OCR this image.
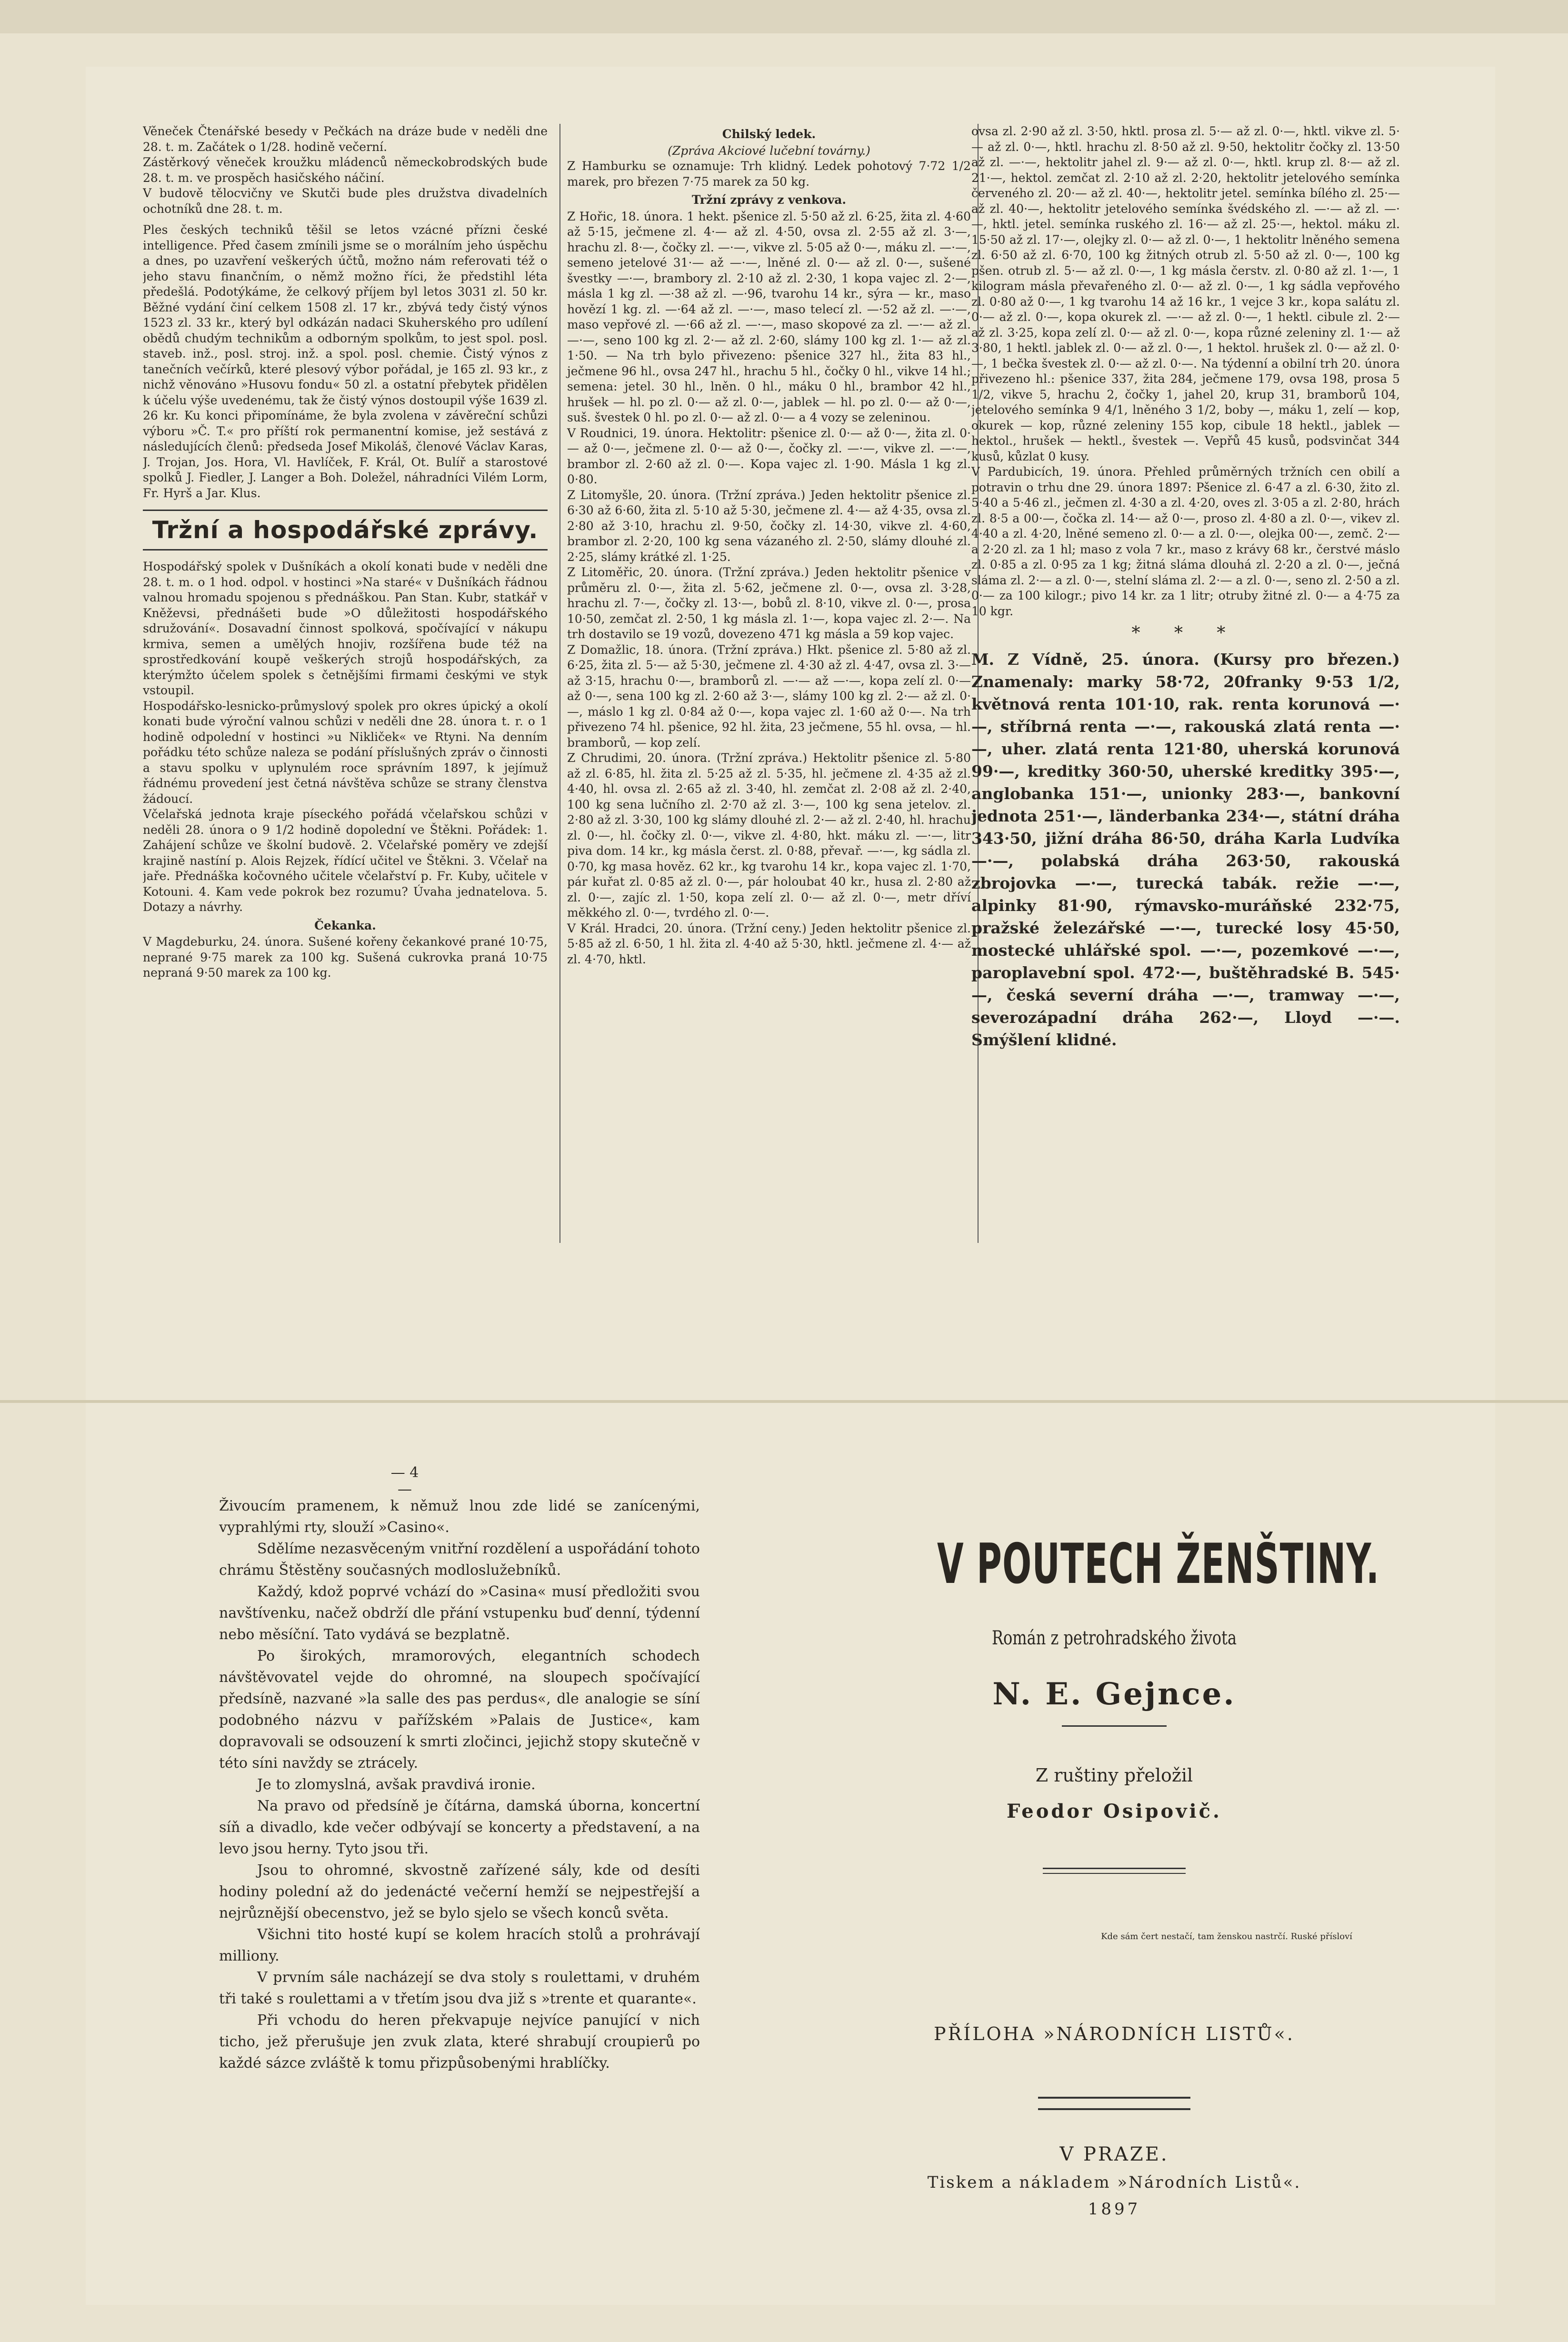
Věneček Čtenářské besedy v Pečkách na dráze bude v neděli dne 28. t. m. Začátek o 1/28. hodině večerní.

Zástěrkový věneček kroužku mládenců německobrodských bude 28. t. m. ve prospěch hasičského náčiní.

V budově tělocvičny ve Skutči bude ples družstva divadelních ochotníků dne 28. t. m.

Ples českých techniků těšil se letos vzácné přízni české intelligence. Před časem zmínili jsme se o morálním jeho úspěchu a dnes, po uzavření veškerých účtů, možno nám referovati též o jeho stavu finančním, o němž možno říci, že předstihl léta předešlá. Podotýkáme, že celkový příjem byl letos 3031 zl. 50 kr. Běžné vydání činí celkem 1508 zl. 17 kr., zbývá tedy čistý výnos 1523 zl. 33 kr., který byl odkázán nadaci Skuherského pro udílení obědů chudým technikům a odborným spolkům, to jest spol. posl. staveb. inž., posl. stroj. inž. a spol. posl. chemie. Čistý výnos z tanečních večírků, které plesový výbor pořádal, je 165 zl. 93 kr., z nichž věnováno »Husovu fondu« 50 zl. a ostatní přebytek přidělen k účelu výše uvedenému, tak že čistý výnos dostoupil výše 1639 zl. 26 kr. Ku konci připomínáme, že byla zvolena v závěreční schůzi výboru »Č. T.« pro příští rok permanentní komise, jež sestává z následujících členů: předseda Josef Mikoláš, členové Václav Karas, J. Trojan, Jos. Hora, Vl. Havlíček, F. Král, Ot. Bulíř a starostové spolků J. Fiedler, J. Langer a Boh. Doležel, náhradníci Vilém Lorm, Fr. Hyrš a Jar. Klus.

Tržní a hospodářské zprávy.

Hospodářský spolek v Dušníkách a okolí konati bude v neděli dne 28. t. m. o 1 hod. odpol. v hostinci »Na staré« v Dušníkách řádnou valnou hromadu spojenou s přednáškou. Pan Stan. Kubr, statkář v Kněževsi, přednášeti bude »O důležitosti hospodářského sdružování«. Dosavadní činnost spolková, spočívající v nákupu krmiva, semen a umělých hnojiv, rozšířena bude též na sprostředkování koupě veškerých strojů hospodářských, za kterýmžto účelem spolek s četnějšími firmami českými ve styk vstoupil.

Hospodářsko-lesnicko-průmyslový spolek pro okres úpický a okolí konati bude výroční valnou schůzi v neděli dne 28. února t. r. o 1 hodině odpolední v hostinci »u Nikliček« ve Rtyni. Na denním pořádku této schůze naleza se podání příslušných zpráv o činnosti a stavu spolku v uplynulém roce správním 1897, k jejímuž řádnému provedení jest četná návštěva schůze se strany členstva žádoucí.

Včelařská jednota kraje píseckého pořádá včelařskou schůzi v neděli 28. února o 9 1/2 hodině dopolední ve Štěkni. Pořádek: 1. Zahájení schůze ve školní budově. 2. Včelařské poměry ve zdejší krajině nastíní p. Alois Rejzek, řídící učitel ve Štěkni. 3. Včelař na jaře. Přednáška kočovného učitele včelařství p. Fr. Kuby, učitele v Kotouni. 4. Kam vede pokrok bez rozumu? Úvaha jednatelova. 5. Dotazy a návrhy.

Čekanka.

V Magdeburku, 24. února. Sušené kořeny čekankové prané 10·75, neprané 9·75 marek za 100 kg. Sušená cukrovka praná 10·75 nepraná 9·50 marek za 100 kg.

Chilský ledek.
(Zpráva Akciové lučební továrny.)

Z Hamburku se oznamuje: Trh klidný. Ledek pohotový 7·72 1/2 marek, pro březen 7·75 marek za 50 kg.

Tržní zprávy z venkova.

Z Hořic, 18. února. 1 hekt. pšenice zl. 5·50 až zl. 6·25, žita zl. 4·60 až 5·15, ječmene zl. 4·— až zl. 4·50, ovsa zl. 2·55 až zl. 3·—, hrachu zl. 8·—, čočky zl. —·—, vikve zl. 5·05 až 0·—, máku zl. —·—, semeno jetelové 31·— až —·—, lněné zl. 0·— až zl. 0·—, sušené švestky —·—, brambory zl. 2·10 až zl. 2·30, 1 kopa vajec zl. 2·—, másla 1 kg zl. —·38 až zl. —·96, tvarohu 14 kr., sýra — kr., maso hovězí 1 kg. zl. —·64 až zl. —·—, maso telecí zl. —·52 až zl. —·—, maso vepřové zl. —·66 až zl. —·—, maso skopové za zl. —·— až zl. —·—, seno 100 kg zl. 2·— až zl. 2·60, slámy 100 kg zl. 1·— až zl. 1·50. — Na trh bylo přivezeno: pšenice 327 hl., žita 83 hl., ječmene 96 hl., ovsa 247 hl., hrachu 5 hl., čočky 0 hl., vikve 14 hl.; semena: jetel. 30 hl., lněn. 0 hl., máku 0 hl., brambor 42 hl., hrušek — hl. po zl. 0·— až zl. 0·—, jablek — hl. po zl. 0·— až 0·—, suš. švestek 0 hl. po zl. 0·— až zl. 0·— a 4 vozy se zeleninou.

V Roudnici, 19. února. Hektolitr: pšenice zl. 0·— až 0·—, žita zl. 0·— až 0·—, ječmene zl. 0·— až 0·—, čočky zl. —·—, vikve zl. —·—, brambor zl. 2·60 až zl. 0·—. Kopa vajec zl. 1·90. Másla 1 kg zl. 0·80.

Z Litomyšle, 20. února. (Tržní zpráva.) Jeden hektolitr pšenice zl. 6·30 až 6·60, žita zl. 5·10 až 5·30, ječmene zl. 4·— až 4·35, ovsa zl. 2·80 až 3·10, hrachu zl. 9·50, čočky zl. 14·30, vikve zl. 4·60, brambor zl. 2·20, 100 kg sena vázaného zl. 2·50, slámy dlouhé zl. 2·25, slámy krátké zl. 1·25.

Z Litoměřic, 20. února. (Tržní zpráva.) Jeden hektolitr pšenice v průměru zl. 0·—, žita zl. 5·62, ječmene zl. 0·—, ovsa zl. 3·28, hrachu zl. 7·—, čočky zl. 13·—, bobů zl. 8·10, vikve zl. 0·—, prosa 10·50, zemčat zl. 2·50, 1 kg másla zl. 1·—, kopa vajec zl. 2·—. Na trh dostavilo se 19 vozů, dovezeno 471 kg másla a 59 kop vajec.

Z Domažlic, 18. února. (Tržní zpráva.) Hkt. pšenice zl. 5·80 až zl. 6·25, žita zl. 5·— až 5·30, ječmene zl. 4·30 až zl. 4·47, ovsa zl. 3·— až 3·15, hrachu 0·—, bramborů zl. —·— až —·—, kopa zelí zl. 0·— až 0·—, sena 100 kg zl. 2·60 až 3·—, slámy 100 kg zl. 2·— až zl. 0·—, máslo 1 kg zl. 0·84 až 0·—, kopa vajec zl. 1·60 až 0·—. Na trh přivezeno 74 hl. pšenice, 92 hl. žita, 23 ječmene, 55 hl. ovsa, — hl. bramborů, — kop zelí.

Z Chrudimi, 20. února. (Tržní zpráva.) Hektolitr pšenice zl. 5·80 až zl. 6·85, hl. žita zl. 5·25 až zl. 5·35, hl. ječmene zl. 4·35 až zl. 4·40, hl. ovsa zl. 2·65 až zl. 3·40, hl. zemčat zl. 2·08 až zl. 2·40, 100 kg sena lučního zl. 2·70 až zl. 3·—, 100 kg sena jetelov. zl. 2·80 až zl. 3·30, 100 kg slámy dlouhé zl. 2·— až zl. 2·40, hl. hrachu zl. 0·—, hl. čočky zl. 0·—, vikve zl. 4·80, hkt. máku zl. —·—, litr piva dom. 14 kr., kg másla čerst. zl. 0·88, převař. —·—, kg sádla zl. 0·70, kg masa hověz. 62 kr., kg tvarohu 14 kr., kopa vajec zl. 1·70, pár kuřat zl. 0·85 až zl. 0·—, pár holoubat 40 kr., husa zl. 2·80 až zl. 0·—, zajíc zl. 1·50, kopa zelí zl. 0·— až zl. 0·—, metr dříví měkkého zl. 0·—, tvrdého zl. 0·—.

V Král. Hradci, 20. února. (Tržní ceny.) Jeden hektolitr pšenice zl. 5·85 až zl. 6·50, 1 hl. žita zl. 4·40 až 5·30, hktl. ječmene zl. 4·— až zl. 4·70, hktl.

ovsa zl. 2·90 až zl. 3·50, hktl. prosa zl. 5·— až zl. 0·—, hktl. vikve zl. 5·— až zl. 0·—, hktl. hrachu zl. 8·50 až zl. 9·50, hektolitr čočky zl. 13·50 až zl. —·—, hektolitr jahel zl. 9·— až zl. 0·—, hktl. krup zl. 8·— až zl. 21·—, hektol. zemčat zl. 2·10 až zl. 2·20, hektolitr jetelového semínka červeného zl. 20·— až zl. 40·—, hektolitr jetel. semínka bílého zl. 25·— až zl. 40·—, hektolitr jetelového semínka švédského zl. —·— až zl. —·—, hktl. jetel. semínka ruského zl. 16·— až zl. 25·—, hektol. máku zl. 15·50 až zl. 17·—, olejky zl. 0·— až zl. 0·—, 1 hektolitr lněného semena zl. 6·50 až zl. 6·70, 100 kg žitných otrub zl. 5·50 až zl. 0·—, 100 kg pšen. otrub zl. 5·— až zl. 0·—, 1 kg másla čerstv. zl. 0·80 až zl. 1·—, 1 kilogram másla převařeného zl. 0·— až zl. 0·—, 1 kg sádla vepřového zl. 0·80 až 0·—, 1 kg tvarohu 14 až 16 kr., 1 vejce 3 kr., kopa salátu zl. 0·— až zl. 0·—, kopa okurek zl. —·— až zl. 0·—, 1 hektl. cibule zl. 2·— až zl. 3·25, kopa zelí zl. 0·— až zl. 0·—, kopa různé zeleniny zl. 1·— až 3·80, 1 hektl. jablek zl. 0·— až zl. 0·—, 1 hektol. hrušek zl. 0·— až zl. 0·—, 1 bečka švestek zl. 0·— až zl. 0·—. Na týdenní a obilní trh 20. února přivezeno hl.: pšenice 337, žita 284, ječmene 179, ovsa 198, prosa 5 1/2, vikve 5, hrachu 2, čočky 1, jahel 20, krup 31, bramborů 104, jetelového semínka 9 4/1, lněného 3 1/2, boby —, máku 1, zelí — kop, okurek — kop, různé zeleniny 155 kop, cibule 18 hektl., jablek — hektol., hrušek — hektl., švestek —. Vepřů 45 kusů, podsvinčat 344 kusů, kůzlat 0 kusy.

V Pardubicích, 19. února. Přehled průměrných tržních cen obilí a potravin o trhu dne 29. února 1897: Pšenice zl. 6·47 a zl. 6·30, žito zl. 5·40 a 5·46 zl., ječmen zl. 4·30 a zl. 4·20, oves zl. 3·05 a zl. 2·80, hrách zl. 8·5 a 00·—, čočka zl. 14·— až 0·—, proso zl. 4·80 a zl. 0·—, vikev zl. 4·40 a zl. 4·20, lněné semeno zl. 0·— a zl. 0·—, olejka 00·—, zemč. 2·— a 2·20 zl. za 1 hl; maso z vola 7 kr., maso z krávy 68 kr., čerstvé máslo zl. 0·85 a zl. 0·95 za 1 kg; žitná sláma dlouhá zl. 2·20 a zl. 0·—, ječná sláma zl. 2·— a zl. 0·—, stelní sláma zl. 2·— a zl. 0·—, seno zl. 2·50 a zl. 0·— za 100 kilogr.; pivo 14 kr. za 1 litr; otruby žitné zl. 0·— a 4·75 za 10 kgr.

* * *
M. Z Vídně, 25. února. (Kursy pro březen.) Znamenaly: marky 58·72, 20franky 9·53 1/2, květnová renta 101·10, rak. renta korunová —·—, stříbrná renta —·—, rakouská zlatá renta —·—, uher. zlatá renta 121·80, uherská korunová 99·—, kreditky 360·50, uherské kreditky 395·—, anglobanka 151·—, unionky 283·—, bankovní jednota 251·—, länderbanka 234·—, státní dráha 343·50, jižní dráha 86·50, dráha Karla Ludvíka —·—, polabská dráha 263·50, rakouská zbrojovka —·—, turecká tabák. režie —·—, alpinky 81·90, rýmavsko-muráňské 232·75, pražské železářské —·—, turecké losy 45·50, mostecké uhlářské spol. —·—, pozemkové —·—, paroplavební spol. 472·—, buštěhradské B. 545·—, česká severní dráha —·—, tramway —·—, severozápadní dráha 262·—, Lloyd —·—. Smýšlení klidné.
— 4 —

Živoucím pramenem, k němuž lnou zde lidé se zanícenými, vyprahlými rty, slouží »Casino«.

Sdělíme nezasvěceným vnitřní rozdělení a uspořádání tohoto chrámu Štěstěny současných modloslužebníků.

Každý, kdož poprvé vchází do »Casina« musí předložiti svou navštívenku, načež obdrží dle přání vstupenku buď denní, týdenní nebo měsíční. Tato vydává se bezplatně.

Po širokých, mramorových, elegantních schodech návštěvovatel vejde do ohromné, na sloupech spočívající předsíně, nazvané »la salle des pas perdus«, dle analogie se síní podobného názvu v pařížském »Palais de Justice«, kam dopravovali se odsouzení k smrti zločinci, jejichž stopy skutečně v této síni navždy se ztrácely.

Je to zlomyslná, avšak pravdivá ironie.

Na pravo od předsíně je čítárna, damská úborna, koncertní síň a divadlo, kde večer odbývají se koncerty a představení, a na levo jsou herny. Tyto jsou tři.

Jsou to ohromné, skvostně zařízené sály, kde od desíti hodiny polední až do jedenácté večerní hemží se nejpestřejší a nejrůznější obecenstvo, jež se bylo sjelo se všech konců světa.

Všichni tito hosté kupí se kolem hracích stolů a prohrávají milliony.

V prvním sále nacházejí se dva stoly s roulettami, v druhém tři také s roulettami a v třetím jsou dva již s »trente et quarante«.

Při vchodu do heren překvapuje nejvíce panující v nich ticho, jež přerušuje jen zvuk zlata, které shrabují croupierů po každé sázce zvláště k tomu přizpůsobenými hrablíčky.

V POUTECH ŽENŠTINY.
Román z petrohradského života
N. E. Gejnce.
Z ruštiny přeložil
Feodor Osipovič.
Kde sám čert nestačí, tam ženskou nastrčí. Ruské přísloví
PŘÍLOHA »NÁRODNÍCH LISTŮ«.
V PRAZE.
Tiskem a nákladem »Národních Listů«.
1897
